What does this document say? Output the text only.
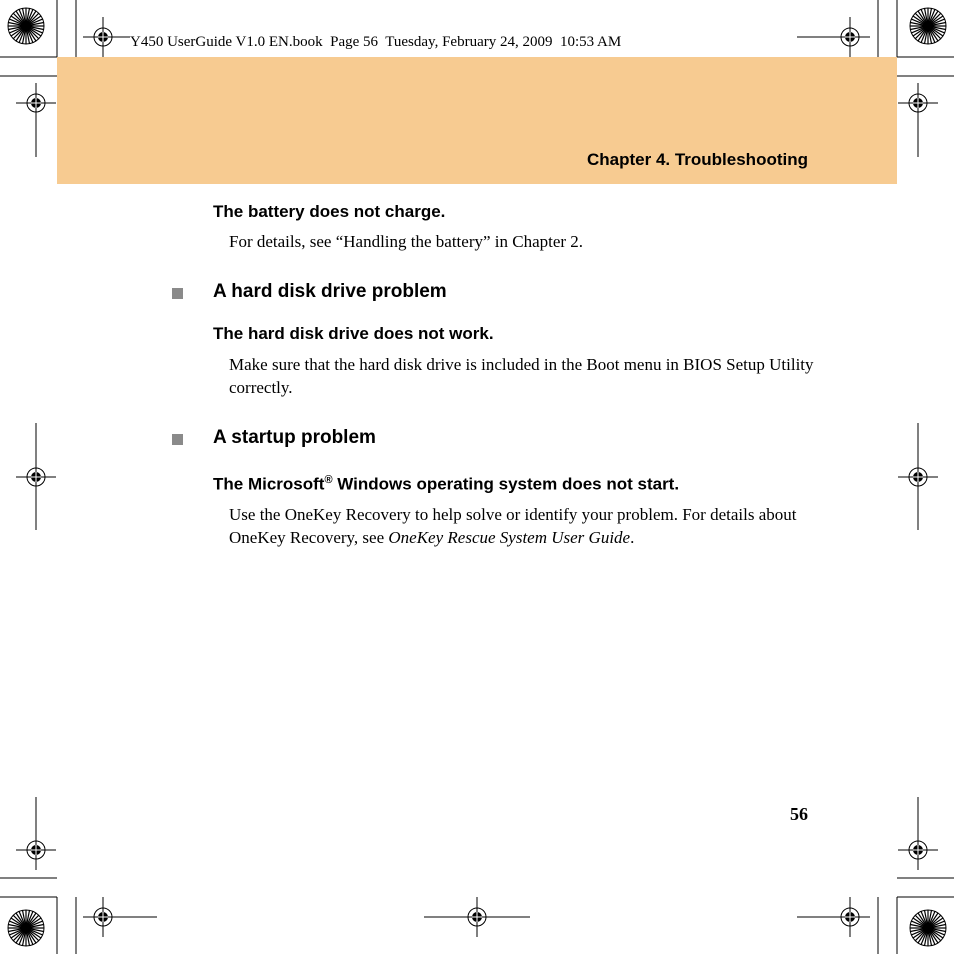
Y450 UserGuide V1.0 EN.book  Page 56  Tuesday, February 24, 2009  10:53 AM
Chapter 4. Troubleshooting
The battery does not charge.
For details, see “Handling the battery” in Chapter 2.
A hard disk drive problem
The hard disk drive does not work.
Make sure that the hard disk drive is included in the Boot menu in BIOS Setup Utility correctly.
A startup problem
The Microsoft® Windows operating system does not start.
Use the OneKey Recovery to help solve or identify your problem. For details about OneKey Recovery, see OneKey Rescue System User Guide.
56
